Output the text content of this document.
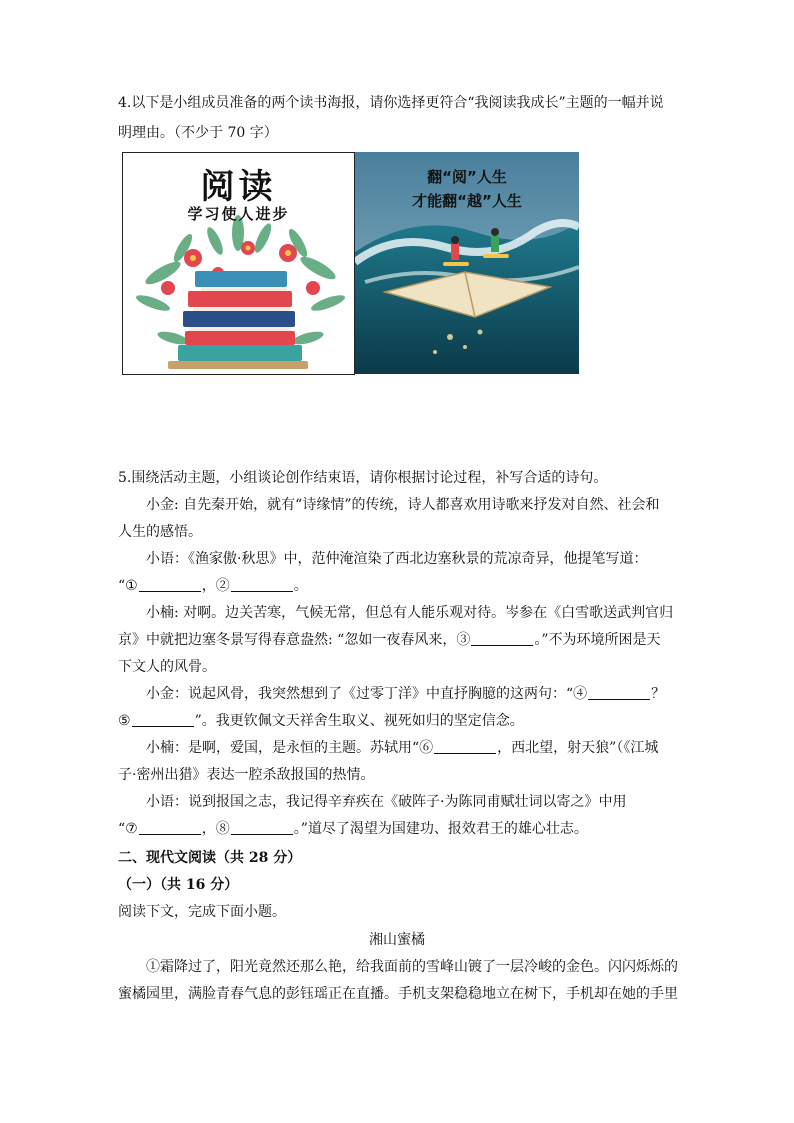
4.以下是小组成员准备的两个读书海报，请你选择更符合“我阅读我成长”主题的一幅并说
明理由。（不少于 70 字）
阅读
学习使人进步
翻“阅”人生
才能翻“越”人生
5.围绕活动主题，小组谈论创作结束语，请你根据讨论过程，补写合适的诗句。
小金: 自先秦开始，就有“诗缘情”的传统，诗人都喜欢用诗歌来抒发对自然、社会和
人生的感悟。
小语：《渔家傲·秋思》中，范仲淹渲染了西北边塞秋景的荒凉奇异，他提笔写道：
“①	，②	。
小楠: 对啊。边关苦寒，气候无常，但总有人能乐观对待。岑参在《白雪歌送武判官归
京》中就把边塞冬景写得春意盎然: “忽如一夜春风来，③	。”不为环境所困是天
下文人的风骨。
小金：说起风骨，我突然想到了《过零丁洋》中直抒胸臆的这两句：“④	？
⑤	”。我更钦佩文天祥舍生取义、视死如归的坚定信念。
小楠：是啊，爱国，是永恒的主题。苏轼用“⑥	，西北望，射天狼”（《江城
子·密州出猎》表达一腔杀敌报国的热情。
小语：说到报国之志，我记得辛弃疾在《破阵子·为陈同甫赋壮词以寄之》中用
“⑦	，⑧	。”道尽了渴望为国建功、报效君王的雄心壮志。
二、现代文阅读（共 28 分）
（一）（共 16 分）
阅读下文，完成下面小题。
湘山蜜橘
①霜降过了，阳光竟然还那么艳，给我面前的雪峰山镀了一层冷峻的金色。闪闪烁烁的
蜜橘园里，满脸青春气息的彭钰瑶正在直播。手机支架稳稳地立在树下，手机却在她的手里
